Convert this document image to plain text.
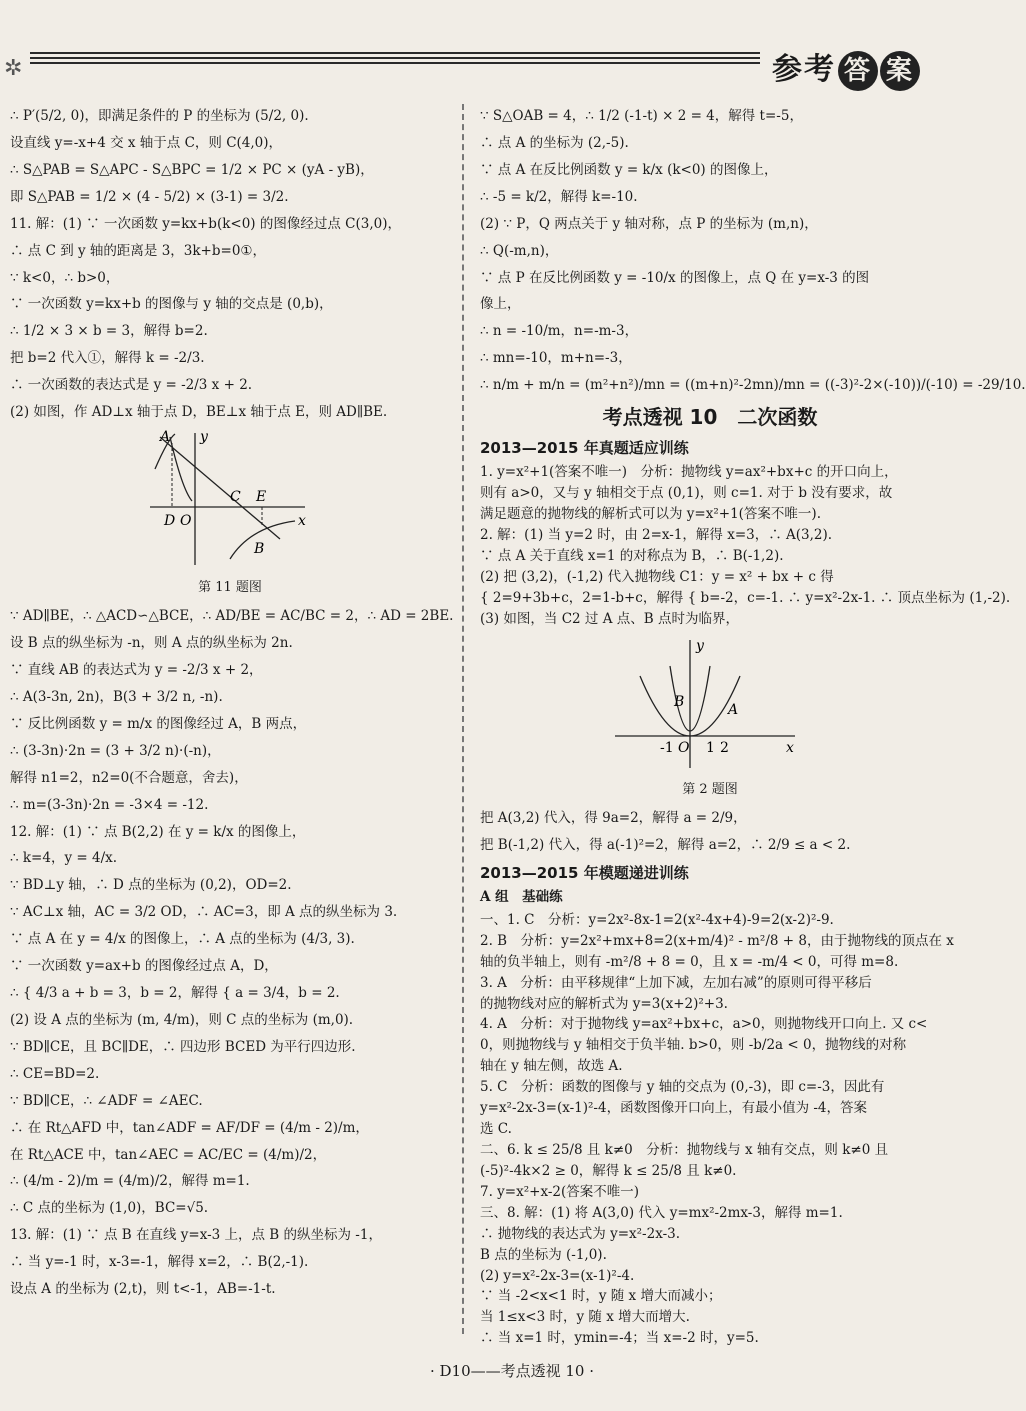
✲	参考 答 案
∴ P′(5/2, 0)，即满足条件的 P 的坐标为 (5/2, 0).
设直线 y=-x+4 交 x 轴于点 C，则 C(4,0)，
∴ S△PAB = S△APC - S△BPC = 1/2 × PC × (yA - yB)，
即 S△PAB = 1/2 × (4 - 5/2) × (3-1) = 3/2.
11. 解：(1) ∵ 一次函数 y=kx+b(k<0) 的图像经过点 C(3,0)，
∴ 点 C 到 y 轴的距离是 3，3k+b=0①，
∵ k<0，∴ b>0，
∵ 一次函数 y=kx+b 的图像与 y 轴的交点是 (0,b)，
∴ 1/2 × 3 × b = 3，解得 b=2.
把 b=2 代入①，解得 k = -2/3.
∴ 一次函数的表达式是 y = -2/3 x + 2.
(2) 如图，作 AD⊥x 轴于点 D，BE⊥x 轴于点 E，则 AD∥BE.
A y
C E
D O	x
B
第 11 题图
∵ AD∥BE，∴ △ACD∽△BCE，∴ AD/BE = AC/BC = 2，∴ AD = 2BE.
设 B 点的纵坐标为 -n，则 A 点的纵坐标为 2n.
∵ 直线 AB 的表达式为 y = -2/3 x + 2，
∴ A(3-3n, 2n)，B(3 + 3/2 n, -n).
∵ 反比例函数 y = m/x 的图像经过 A，B 两点，
∴ (3-3n)·2n = (3 + 3/2 n)·(-n)，
解得 n1=2，n2=0(不合题意，舍去)，
∴ m=(3-3n)·2n = -3×4 = -12.
12. 解：(1) ∵ 点 B(2,2) 在 y = k/x 的图像上，
∴ k=4，y = 4/x.
∵ BD⊥y 轴，∴ D 点的坐标为 (0,2)，OD=2.
∵ AC⊥x 轴，AC = 3/2 OD，∴ AC=3，即 A 点的纵坐标为 3.
∵ 点 A 在 y = 4/x 的图像上，∴ A 点的坐标为 (4/3, 3).
∵ 一次函数 y=ax+b 的图像经过点 A，D，
∴ { 4/3 a + b = 3，b = 2，解得 { a = 3/4，b = 2.
(2) 设 A 点的坐标为 (m, 4/m)，则 C 点的坐标为 (m,0).
∵ BD∥CE，且 BC∥DE，∴ 四边形 BCED 为平行四边形.
∴ CE=BD=2.
∵ BD∥CE，∴ ∠ADF = ∠AEC.
∴ 在 Rt△AFD 中，tan∠ADF = AF/DF = (4/m - 2)/m，
在 Rt△ACE 中，tan∠AEC = AC/EC = (4/m)/2，
∴ (4/m - 2)/m = (4/m)/2，解得 m=1.
∴ C 点的坐标为 (1,0)，BC=√5.
13. 解：(1) ∵ 点 B 在直线 y=x-3 上，点 B 的纵坐标为 -1，
∴ 当 y=-1 时，x-3=-1，解得 x=2，∴ B(2,-1).
设点 A 的坐标为 (2,t)，则 t<-1，AB=-1-t.
∵ S△OAB = 4，∴ 1/2 (-1-t) × 2 = 4，解得 t=-5，
∴ 点 A 的坐标为 (2,-5).
∵ 点 A 在反比例函数 y = k/x (k<0) 的图像上，
∴ -5 = k/2，解得 k=-10.
(2) ∵ P，Q 两点关于 y 轴对称，点 P 的坐标为 (m,n)，
∴ Q(-m,n)，
∵ 点 P 在反比例函数 y = -10/x 的图像上，点 Q 在 y=x-3 的图
像上，
∴ n = -10/m，n=-m-3，
∴ mn=-10，m+n=-3，
∴ n/m + m/n = (m²+n²)/mn = ((m+n)²-2mn)/mn = ((-3)²-2×(-10))/(-10) = -29/10.
考点透视 10　二次函数
2013—2015 年真题适应训练
1. y=x²+1(答案不唯一)　分析：抛物线 y=ax²+bx+c 的开口向上，
则有 a>0，又与 y 轴相交于点 (0,1)，则 c=1. 对于 b 没有要求，故
满足题意的抛物线的解析式可以为 y=x²+1(答案不唯一).
2. 解：(1) 当 y=2 时，由 2=x-1，解得 x=3，∴ A(3,2).
∵ 点 A 关于直线 x=1 的对称点为 B，∴ B(-1,2).
(2) 把 (3,2)，(-1,2) 代入抛物线 C1：y = x² + bx + c 得
{ 2=9+3b+c，2=1-b+c，解得 { b=-2，c=-1. ∴ y=x²-2x-1. ∴ 顶点坐标为 (1,-2).
(3) 如图，当 C2 过 A 点、B 点时为临界，
y
B	A
-1 O 1 2	x
第 2 题图
把 A(3,2) 代入，得 9a=2，解得 a = 2/9，
把 B(-1,2) 代入，得 a(-1)²=2，解得 a=2，∴ 2/9 ≤ a < 2.
2013—2015 年模题递进训练
A 组　基础练
一、1. C　分析：y=2x²-8x-1=2(x²-4x+4)-9=2(x-2)²-9.
2. B　分析：y=2x²+mx+8=2(x+m/4)² - m²/8 + 8，由于抛物线的顶点在 x
轴的负半轴上，则有 -m²/8 + 8 = 0，且 x = -m/4 < 0，可得 m=8.
3. A　分析：由平移规律“上加下减，左加右减”的原则可得平移后
的抛物线对应的解析式为 y=3(x+2)²+3.
4. A　分析：对于抛物线 y=ax²+bx+c，a>0，则抛物线开口向上. 又 c<
0，则抛物线与 y 轴相交于负半轴. b>0，则 -b/2a < 0，抛物线的对称
轴在 y 轴左侧，故选 A.
5. C　分析：函数的图像与 y 轴的交点为 (0,-3)，即 c=-3，因此有
y=x²-2x-3=(x-1)²-4，函数图像开口向上，有最小值为 -4，答案
选 C.
二、6. k ≤ 25/8 且 k≠0　分析：抛物线与 x 轴有交点，则 k≠0 且
(-5)²-4k×2 ≥ 0，解得 k ≤ 25/8 且 k≠0.
7. y=x²+x-2(答案不唯一)
三、8. 解：(1) 将 A(3,0) 代入 y=mx²-2mx-3，解得 m=1.
∴ 抛物线的表达式为 y=x²-2x-3.
B 点的坐标为 (-1,0).
(2) y=x²-2x-3=(x-1)²-4.
∵ 当 -2<x<1 时，y 随 x 增大而减小；
当 1≤x<3 时，y 随 x 增大而增大.
∴ 当 x=1 时，ymin=-4；当 x=-2 时，y=5.
· D10——考点透视 10 ·
